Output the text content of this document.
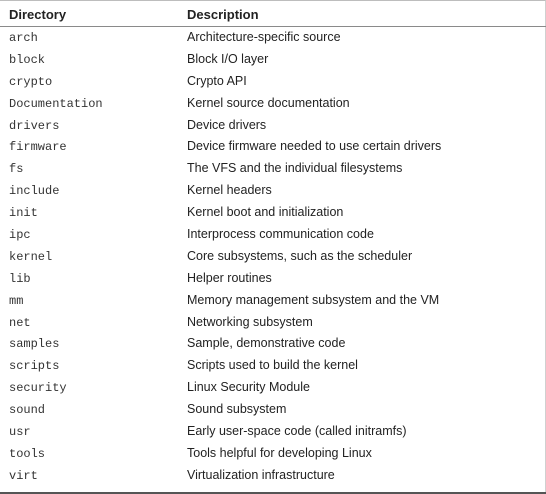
Directory	Description
arch	Architecture-specific source
block	Block I/O layer
crypto	Crypto API
Documentation	Kernel source documentation
drivers	Device drivers
firmware	Device firmware needed to use certain drivers
fs	The VFS and the individual filesystems
include	Kernel headers
init	Kernel boot and initialization
ipc	Interprocess communication code
kernel	Core subsystems, such as the scheduler
lib	Helper routines
mm	Memory management subsystem and the VM
net	Networking subsystem
samples	Sample, demonstrative code
scripts	Scripts used to build the kernel
security	Linux Security Module
sound	Sound subsystem
usr	Early user-space code (called initramfs)
tools	Tools helpful for developing Linux
virt	Virtualization infrastructure
